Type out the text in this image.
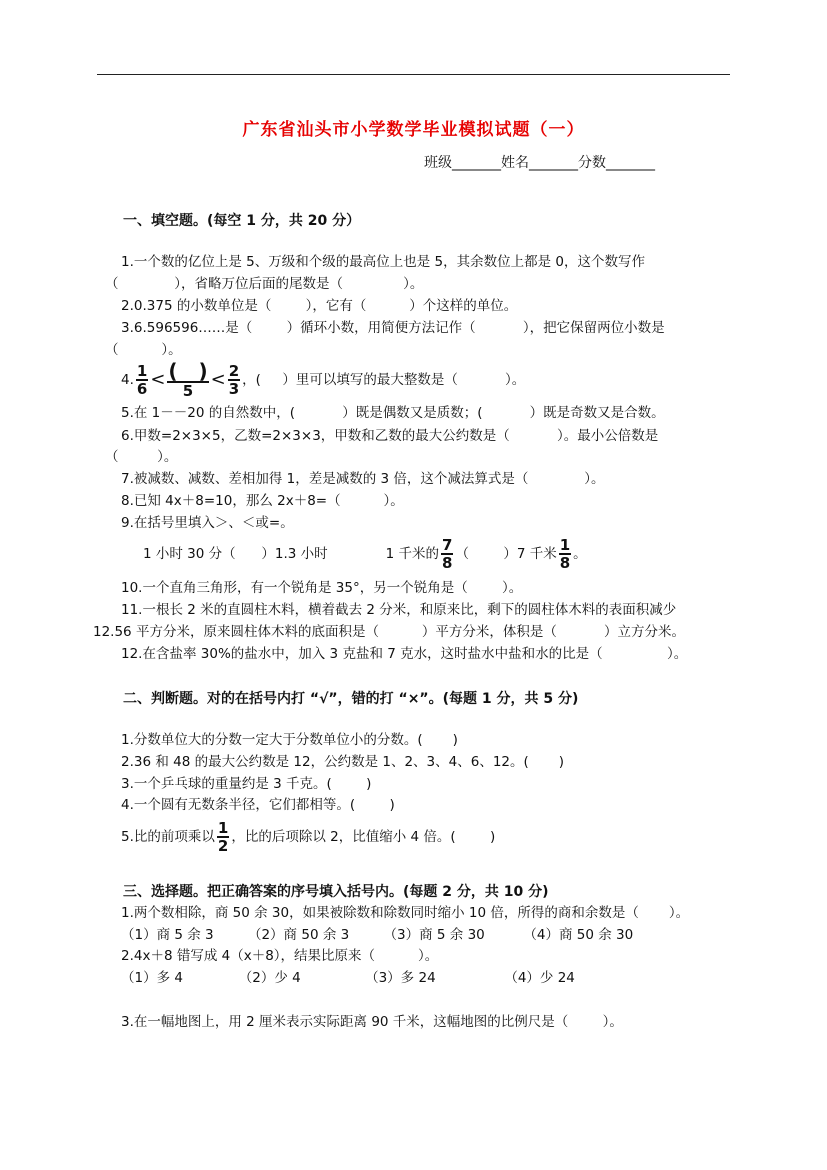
广东省汕头市小学数学毕业模拟试题（一）
班级_______姓名_______分数_______
一、填空题。(每空 1 分，共 20 分）
1.一个数的亿位上是 5、万级和个级的最高位上也是 5，其余数位上都是 0，这个数写作
（             ），省略万位后面的尾数是（              ）。
2.0.375 的小数单位是（        ），它有（          ）个这样的单位。
3.6.596596……是（        ）循环小数，用简便方法记作（           ），把它保留两位小数是
（          ）。
4. $\frac{1}{6} < \frac{( )}{5} < \frac{2}{3}$ ，(     ）里可以填写的最大整数是（           ）。
5.在 1－－20 的自然数中，(           ）既是偶数又是质数；(           ）既是奇数又是合数。
6.甲数=2×3×5，乙数=2×3×3，甲数和乙数的最大公约数是（           ）。最小公倍数是
（         ）。
7.被减数、减数、差相加得 1，差是减数的 3 倍，这个减法算式是（             ）。
8.已知 4x＋8=10，那么 2x＋8=（          ）。
9.在括号里填入＞、＜或=。
1 小时 30 分（      ）1.3 小时	1 千米的 $\frac{7}{8}$ （        ）7 千米 $\frac{1}{8}$ 。
10.一个直角三角形，有一个锐角是 35°，另一个锐角是（        ）。
11.一根长 2 米的直圆柱木料，横着截去 2 分米，和原来比，剩下的圆柱体木料的表面积减少
12.56 平方分米，原来圆柱体木料的底面积是（          ）平方分米，体积是（           ）立方分米。
12.在含盐率 30%的盐水中，加入 3 克盐和 7 克水，这时盐水中盐和水的比是（               ）。
二、判断题。对的在括号内打 “√”，错的打 “×”。(每题 1 分，共 5 分)
1.分数单位大的分数一定大于分数单位小的分数。(       )
2.36 和 48 的最大公约数是 12，公约数是 1、2、3、4、6、12。(       )
3.一个乒乓球的重量约是 3 千克。(        )
4.一个圆有无数条半径，它们都相等。(        )
5.比的前项乘以 $\frac{1}{2}$ ，比的后项除以 2，比值缩小 4 倍。(        )
三、选择题。把正确答案的序号填入括号内。(每题 2 分，共 10 分)
1.两个数相除，商 50 余 30，如果被除数和除数同时缩小 10 倍，所得的商和余数是（       ）。
（1）商 5 余 3        （2）商 50 余 3        （3）商 5 余 30         （4）商 50 余 30
2.4x＋8 错写成 4（x＋8），结果比原来（          ）。
（1）多 4             （2）少 4               （3）多 24                （4）少 24
3.在一幅地图上，用 2 厘米表示实际距离 90 千米，这幅地图的比例尺是（        ）。
